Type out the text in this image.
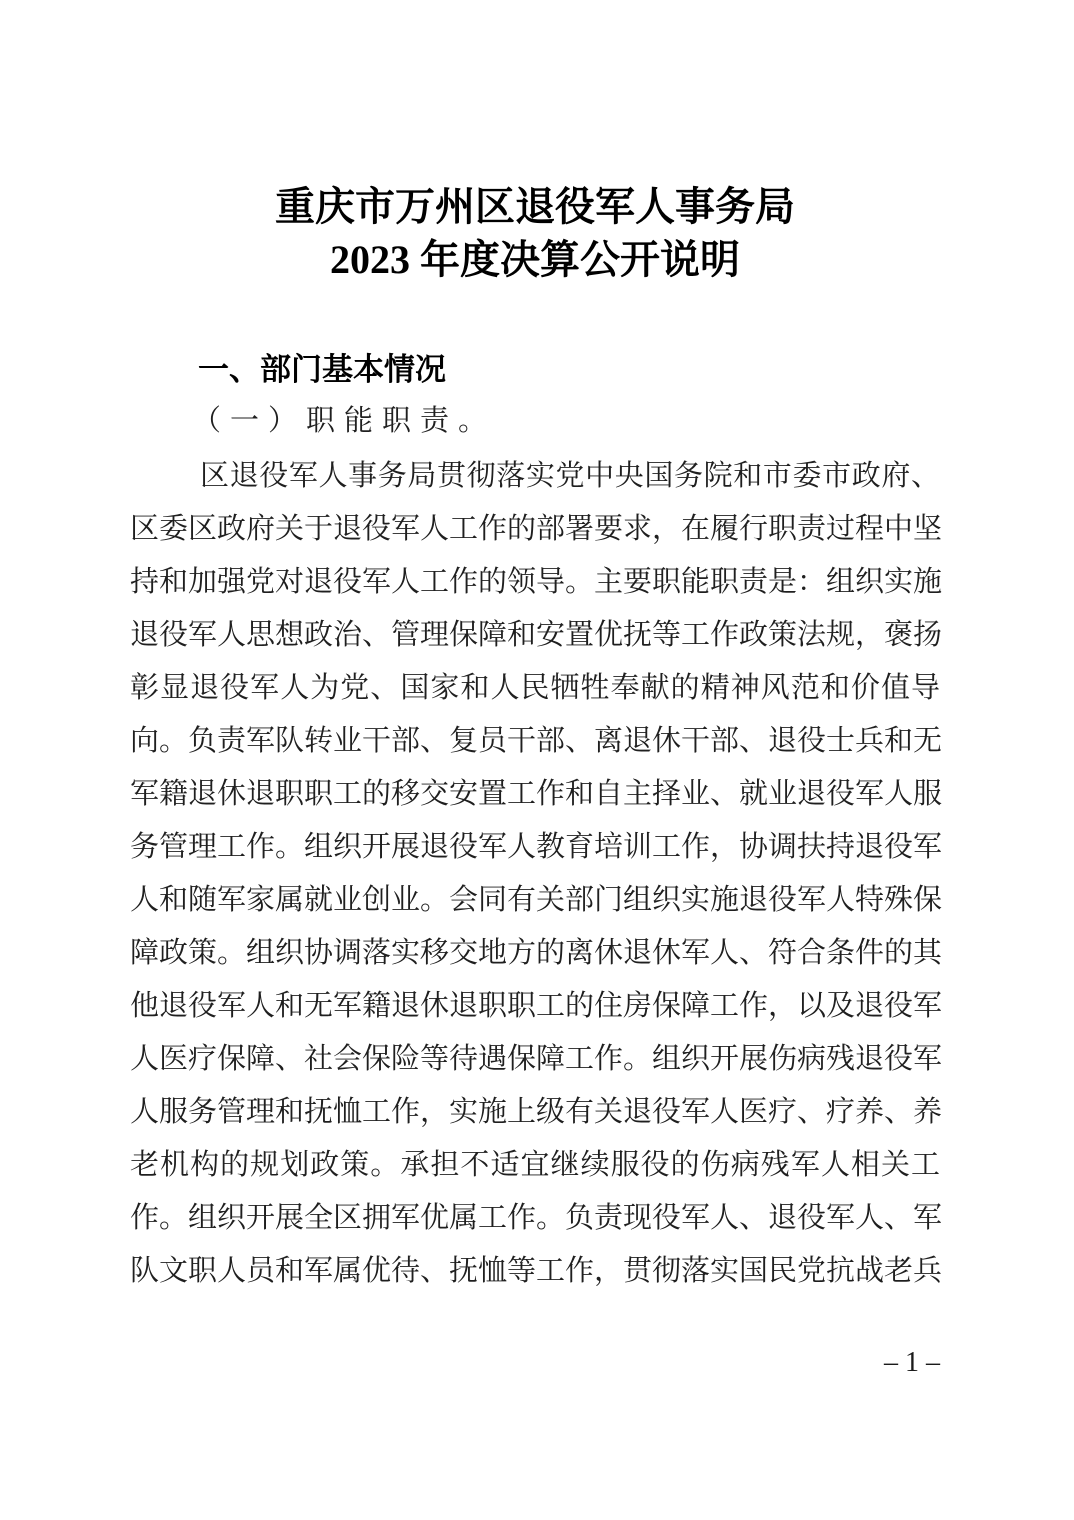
重庆市万州区退役军人事务局
2023 年度决算公开说明
一、部门基本情况
（一）职能职责。
区退役军人事务局贯彻落实党中央国务院和市委市政府、
区委区政府关于退役军人工作的部署要求，在履行职责过程中坚
持和加强党对退役军人工作的领导。主要职能职责是：组织实施
退役军人思想政治、管理保障和安置优抚等工作政策法规，褒扬
彰显退役军人为党、国家和人民牺牲奉献的精神风范和价值导
向。负责军队转业干部、复员干部、离退休干部、退役士兵和无
军籍退休退职职工的移交安置工作和自主择业、就业退役军人服
务管理工作。组织开展退役军人教育培训工作，协调扶持退役军
人和随军家属就业创业。会同有关部门组织实施退役军人特殊保
障政策。组织协调落实移交地方的离休退休军人、符合条件的其
他退役军人和无军籍退休退职职工的住房保障工作，以及退役军
人医疗保障、社会保险等待遇保障工作。组织开展伤病残退役军
人服务管理和抚恤工作，实施上级有关退役军人医疗、疗养、养
老机构的规划政策。承担不适宜继续服役的伤病残军人相关工
作。组织开展全区拥军优属工作。负责现役军人、退役军人、军
队文职人员和军属优待、抚恤等工作，贯彻落实国民党抗战老兵
– 1 –
